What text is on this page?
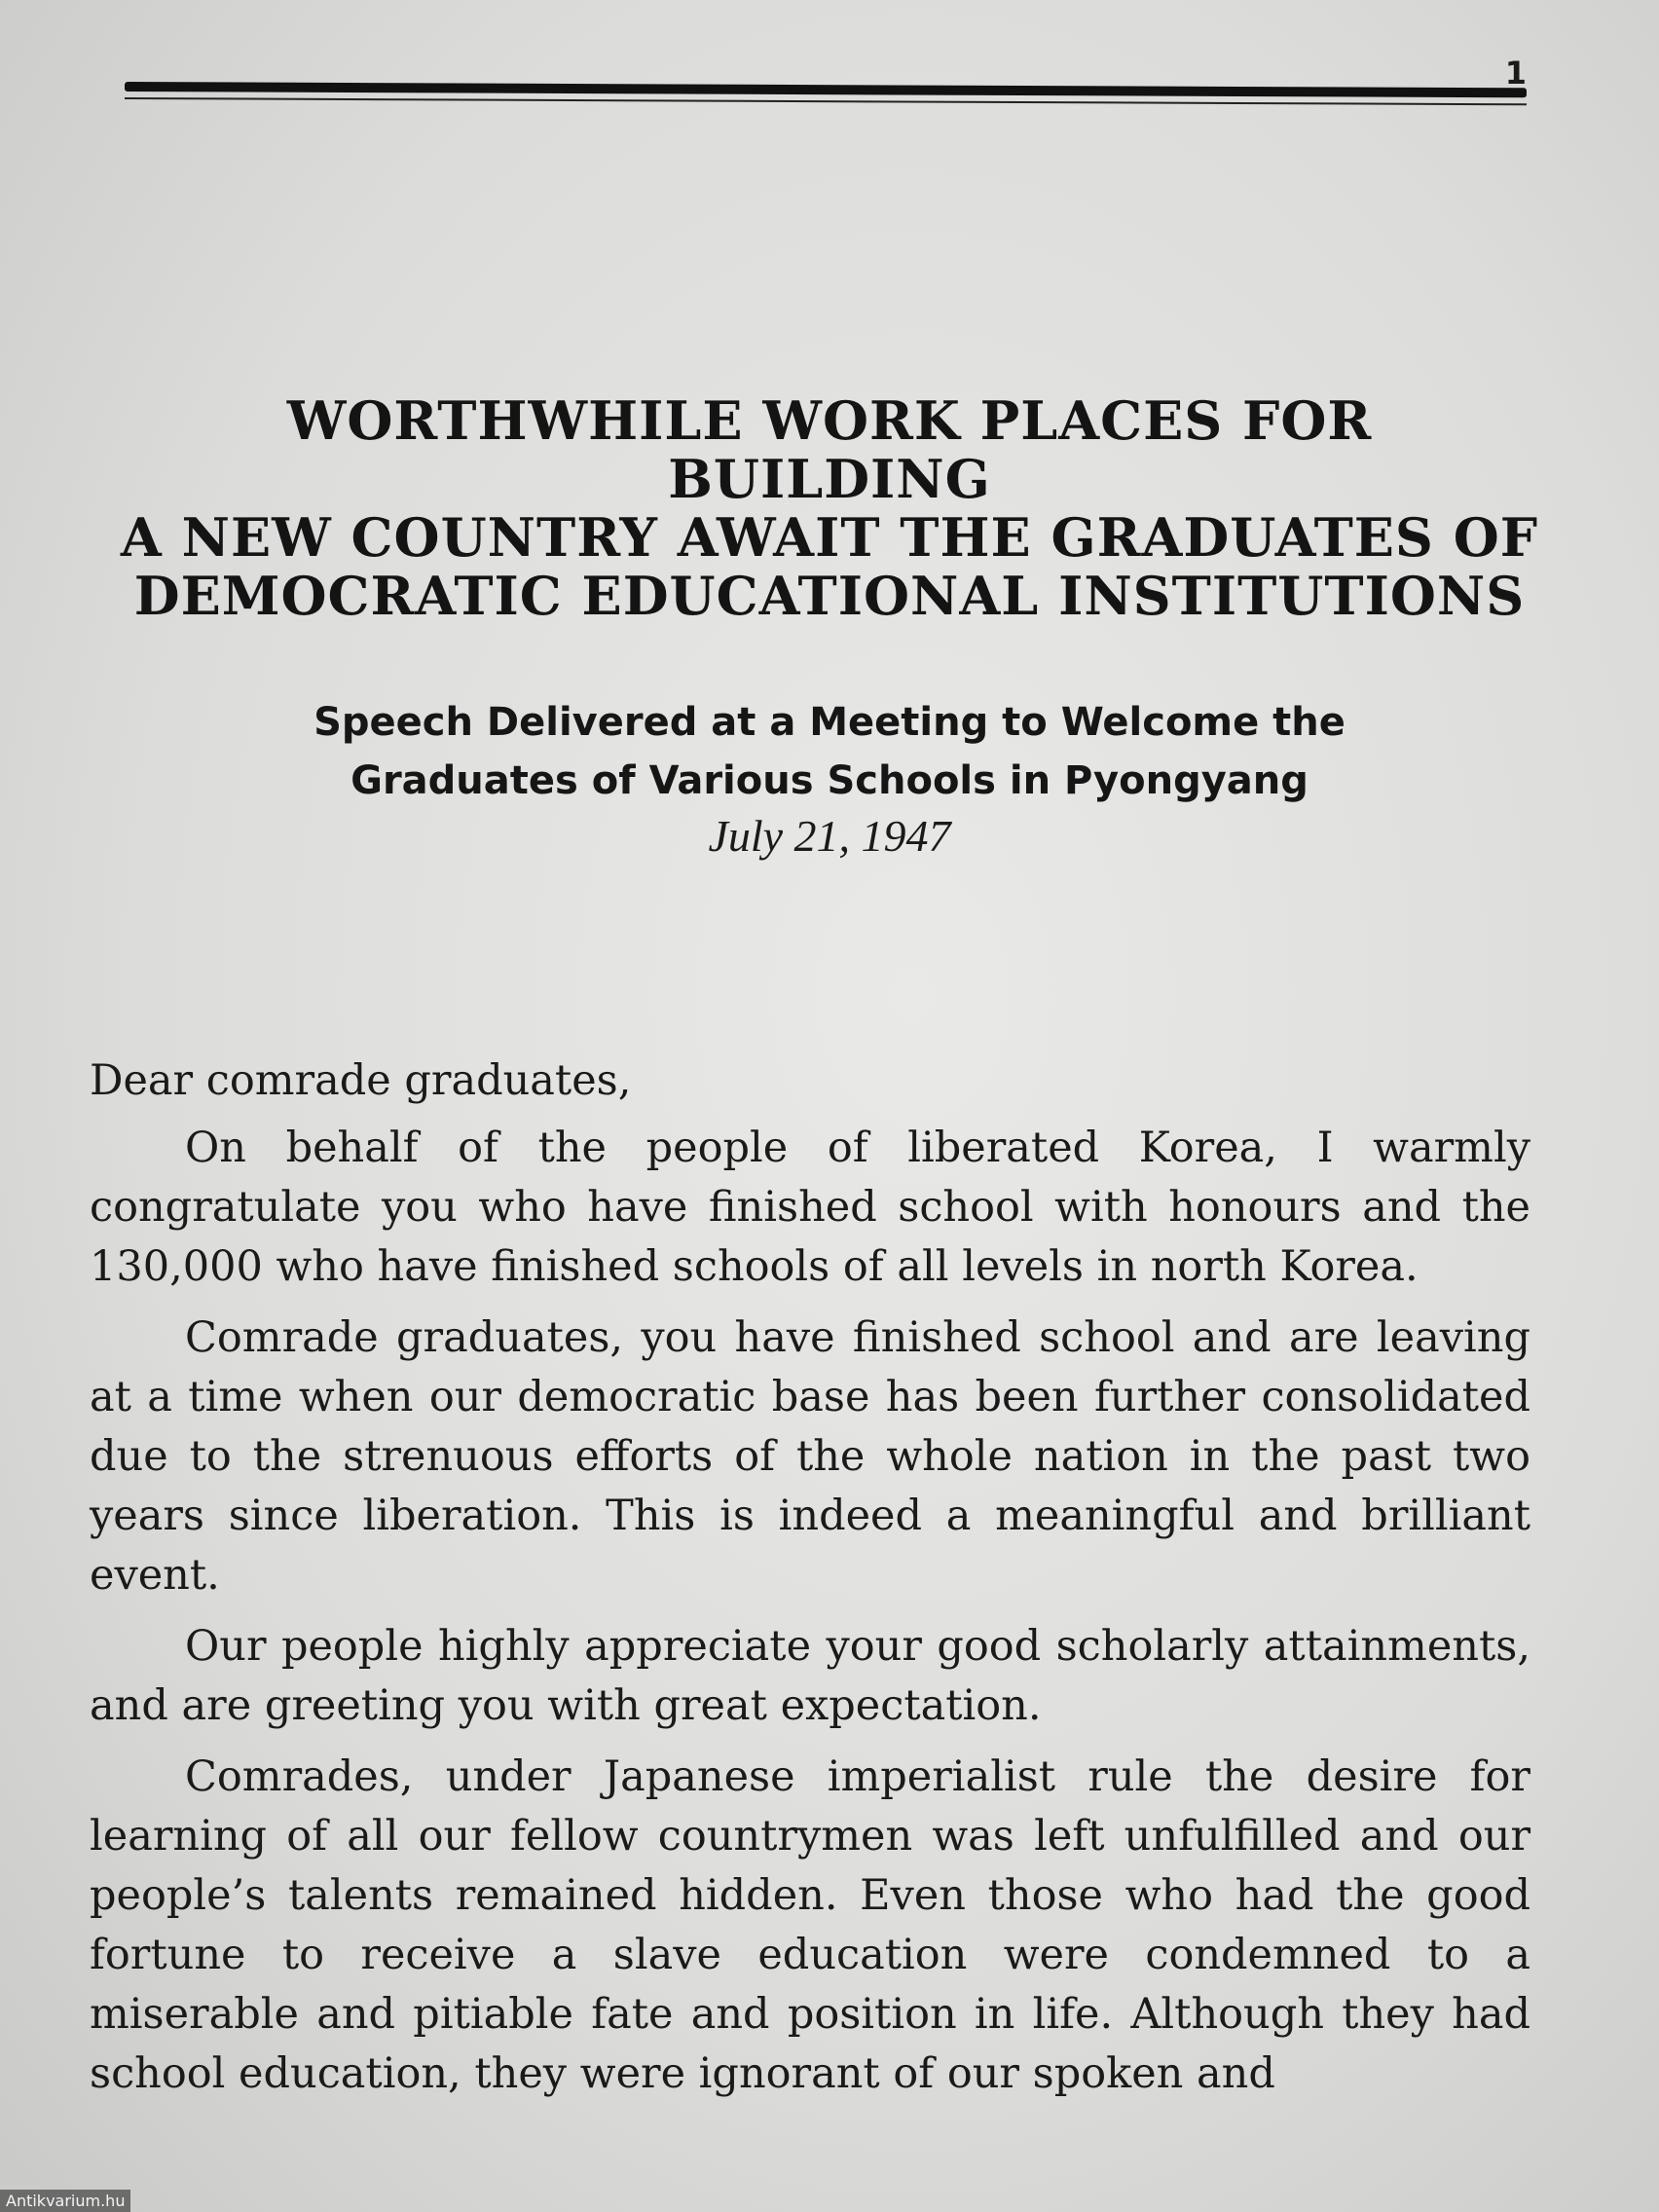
1
WORTHWHILE WORK PLACES FOR BUILDING
A NEW COUNTRY AWAIT THE GRADUATES OF
DEMOCRATIC EDUCATIONAL INSTITUTIONS
Speech Delivered at a Meeting to Welcome the
Graduates of Various Schools in Pyongyang
July 21, 1947

Dear comrade graduates,

On behalf of the people of liberated Korea, I warmly congratulate you who have finished school with honours and the 130,000 who have finished schools of all levels in north Korea.

Comrade graduates, you have finished school and are leaving at a time when our democratic base has been further consolidated due to the strenuous efforts of the whole nation in the past two years since liberation. This is indeed a meaningful and brilliant event.

Our people highly appreciate your good scholarly attainments, and are greeting you with great expectation.

Comrades, under Japanese imperialist rule the desire for learning of all our fellow countrymen was left unfulfilled and our people’s talents remained hidden. Even those who had the good fortune to receive a slave education were condemned to a miserable and pitiable fate and position in life. Although they had school education, they were ignorant of our spoken and

Antikvarium.hu
